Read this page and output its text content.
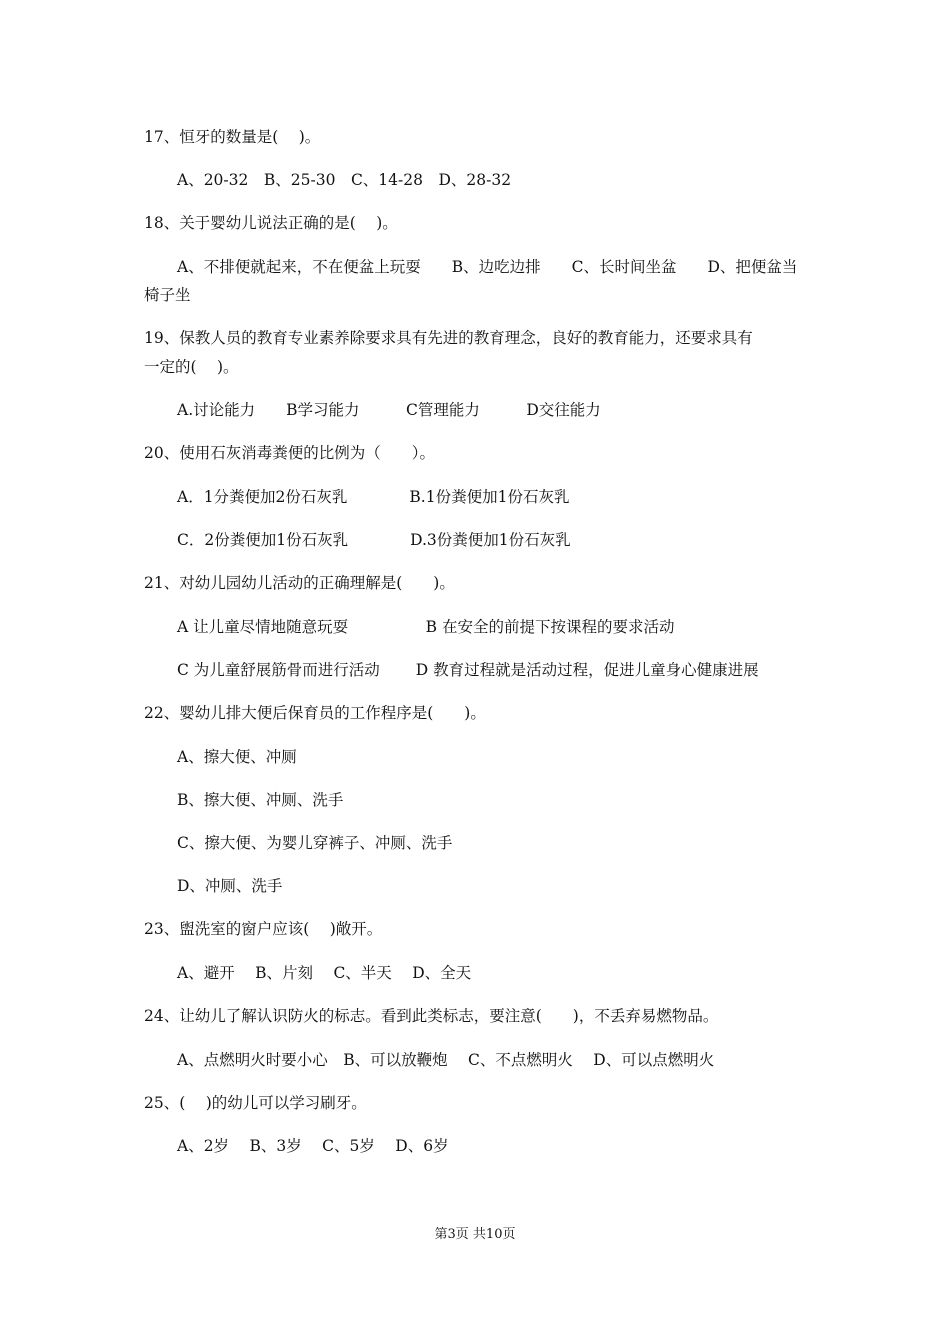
17、恒牙的数量是(　 )。
A、20-32　B、25-30　C、14-28　D、28-32
18、关于婴幼儿说法正确的是(　 )。
A、不排便就起来，不在便盆上玩耍　　B、边吃边排　　C、长时间坐盆　　D、把便盆当
椅子坐
19、保教人员的教育专业素养除要求具有先进的教育理念，良好的教育能力，还要求具有
一定的(　 )。
A.讨论能力　　B学习能力　　　C管理能力　　　D交往能力
20、使用石灰消毒粪便的比例为（　　）。
A．1分粪便加2份石灰乳　　　　B.1份粪便加1份石灰乳
C．2份粪便加1份石灰乳　　　　D.3份粪便加1份石灰乳
21、对幼儿园幼儿活动的正确理解是(　　)。
A 让儿童尽情地随意玩耍　　　　　B 在安全的前提下按课程的要求活动
C 为儿童舒展筋骨而进行活动　　 D 教育过程就是活动过程，促进儿童身心健康进展
22、婴幼儿排大便后保育员的工作程序是(　　)。
A、擦大便、冲厕
B、擦大便、冲厕、洗手
C、擦大便、为婴儿穿裤子、冲厕、洗手
D、冲厕、洗手
23、盥洗室的窗户应该(　 )敞开。
A、避开　 B、片刻　 C、半天　 D、全天
24、让幼儿了解认识防火的标志。看到此类标志，要注意(　　)，不丢弃易燃物品。
A、点燃明火时要小心　B、可以放鞭炮　 C、不点燃明火　 D、可以点燃明火
25、(　 )的幼儿可以学习刷牙。
A、2岁　 B、3岁　 C、5岁　 D、6岁
第3页 共10页
